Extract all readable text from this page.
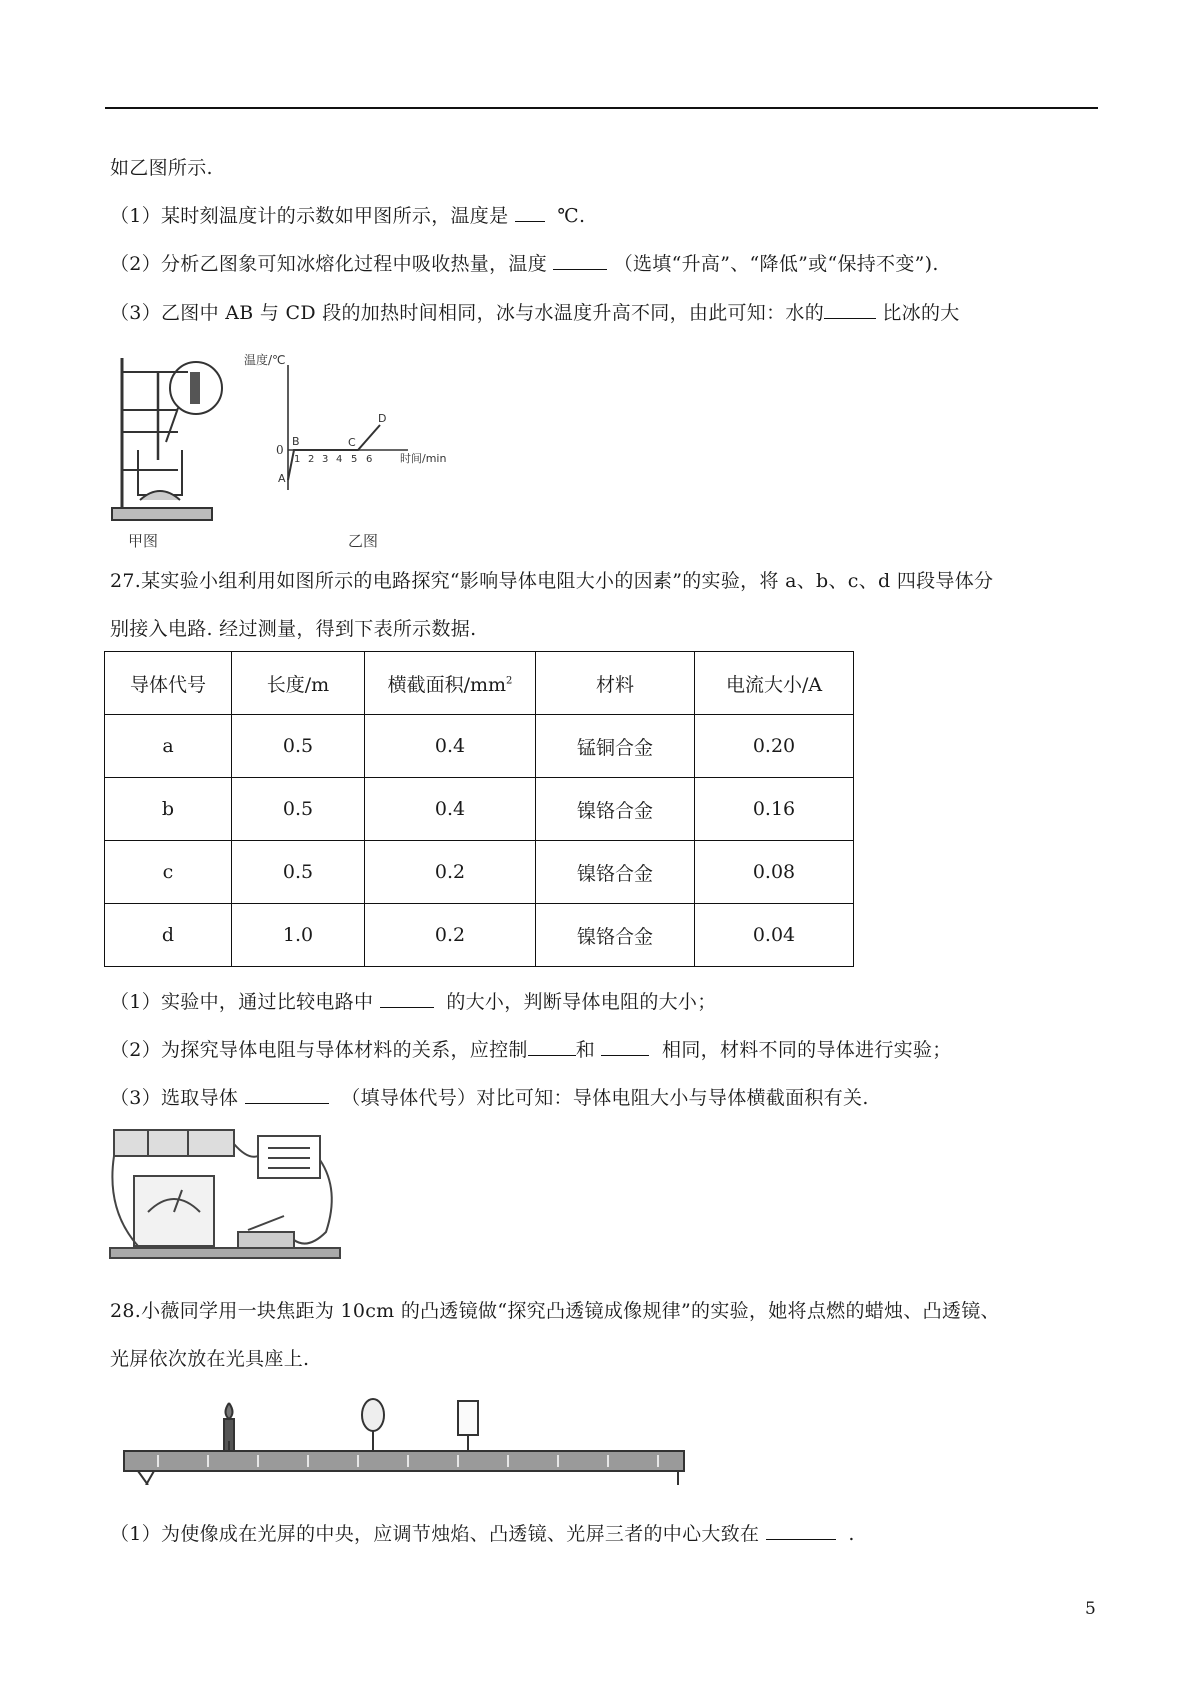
如乙图所示.
（1）某时刻温度计的示数如甲图所示，温度是	℃.
（2）分析乙图象可知冰熔化过程中吸收热量，温度	（选填“升高”、“降低”或“保持不变”).
（3）乙图中 AB 与 CD 段的加热时间相同，冰与水温度升高不同，由此可知：水的	比冰的大
甲图
温度/℃
时间/min
0
1 2 3 4 5 6
A
B	C
D
乙图
27.某实验小组利用如图所示的电路探究“影响导体电阻大小的因素”的实验，将 a、b、c、d 四段导体分
别接入电路. 经过测量，得到下表所示数据.
导体代号	长度/m	横截面积$/mm^2$	材料	电流大小/A
a	0.5	0.4	锰铜合金	0.20
b	0.5	0.4	镍铬合金	0.16
c	0.5	0.2	镍铬合金	0.08
d	1.0	0.2	镍铬合金	0.04
（1）实验中，通过比较电路中	的大小，判断导体电阻的大小；
（2）为探究导体电阻与导体材料的关系，应控制	和	相同，材料不同的导体进行实验；
（3）选取导体	（填导体代号）对比可知：导体电阻大小与导体横截面积有关.
28.小薇同学用一块焦距为 10cm 的凸透镜做“探究凸透镜成像规律”的实验，她将点燃的蜡烛、凸透镜、
光屏依次放在光具座上.
（1）为使像成在光屏的中央，应调节烛焰、凸透镜、光屏三者的中心大致在	.
5
